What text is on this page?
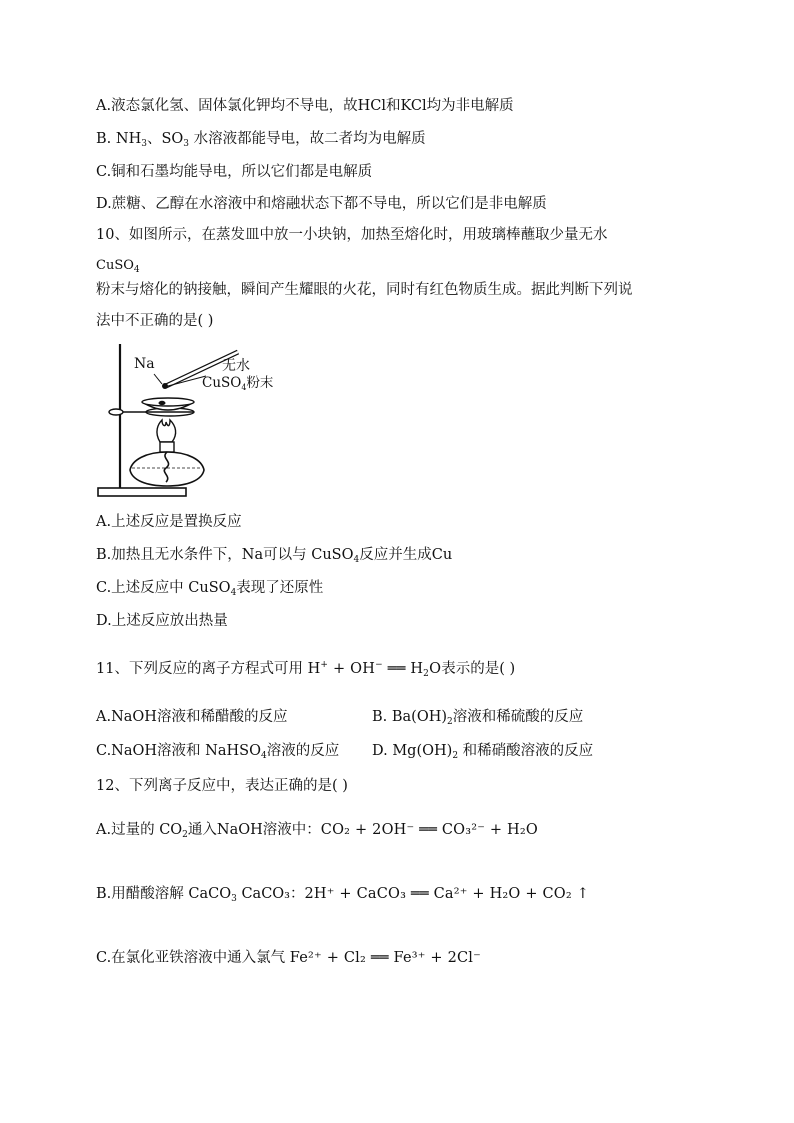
A.液态氯化氢、固体氯化钾均不导电，故HCl和KCl均为非电解质
B. $NH_3$、$SO_3$ 水溶液都能导电，故二者均为电解质
C.铜和石墨均能导电，所以它们都是电解质
D.蔗糖、乙醇在水溶液中和熔融状态下都不导电，所以它们是非电解质
10、如图所示，在蒸发皿中放一小块钠，加热至熔化时，用玻璃棒蘸取少量无水
CuSO$_4$
粉末与熔化的钠接触，瞬间产生耀眼的火花，同时有红色物质生成。据此判断下列说
法中不正确的是( )
Na	无水
CuSO$_4$粉末
A.上述反应是置换反应
B.加热且无水条件下，Na可以与 CuSO$_4$反应并生成Cu
C.上述反应中 CuSO$_4$表现了还原性
D.上述反应放出热量
11、下列反应的离子方程式可用 H+ + OH− ══ $H_2O$表示的是( )
A.NaOH溶液和稀醋酸的反应	B. $Ba(OH)_2$溶液和稀硫酸的反应
C.NaOH溶液和 NaHSO$_4$溶液的反应 D. $Mg(OH)_2$ 和稀硝酸溶液的反应
12、下列离子反应中，表达正确的是( )
A.过量的 $CO_2$通入NaOH溶液中：CO₂ + 2OH⁻ ══ CO₃²⁻ + H₂O
B.用醋酸溶解 CaCO$_3$ CaCO₃：2H⁺ + CaCO₃ ══ Ca²⁺ + H₂O + CO₂ ↑
C.在氯化亚铁溶液中通入氯气 Fe²⁺ + Cl₂ ══ Fe³⁺ + 2Cl⁻
